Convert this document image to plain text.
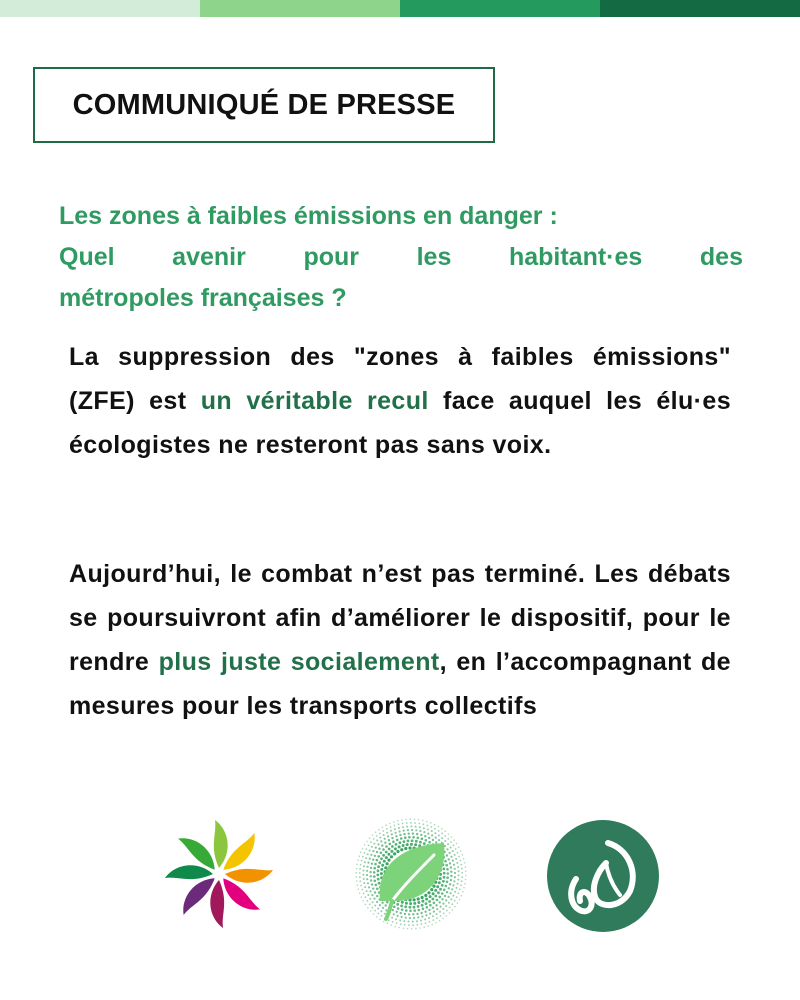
COMMUNIQUÉ DE PRESSE
Les zones à faibles émissions en danger :
Quel avenir pour les habitant·es des
métropoles françaises ?
La suppression des "zones à faibles émissions" (ZFE) est un véritable recul face auquel les élu·es écologistes ne resteront pas sans voix.
Aujourd’hui, le combat n’est pas terminé. Les débats se poursuivront afin d’améliorer le dispositif, pour le rendre plus juste socialement, en l’accompagnant de mesures pour les transports collectifs
